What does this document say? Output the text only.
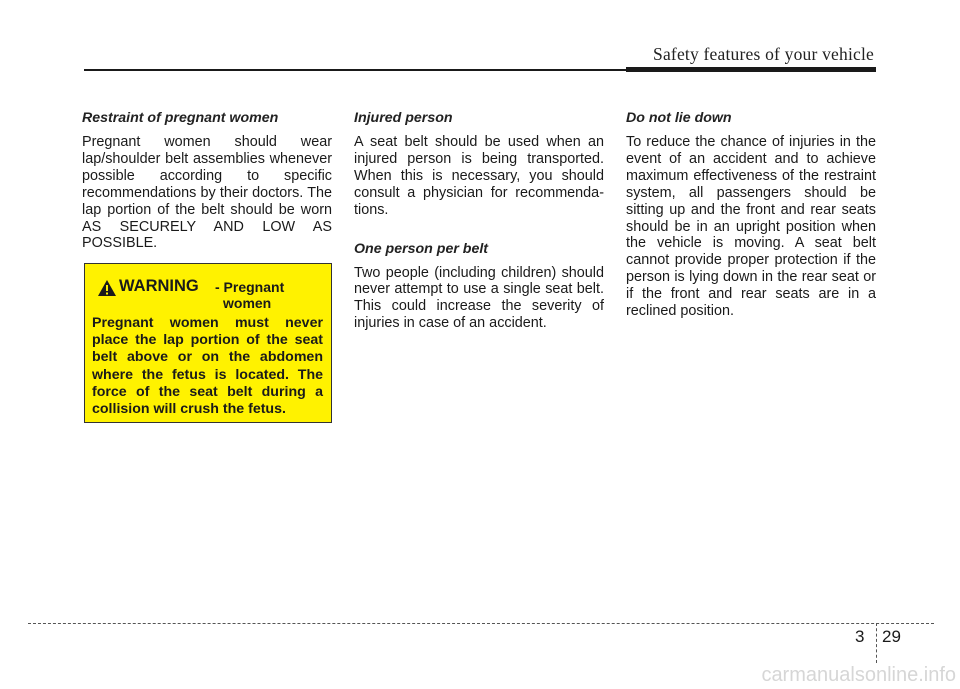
Safety features of your vehicle
Restraint of pregnant women

Pregnant women should wear lap/shoulder belt assemblies whenever possible according to specific recommendations by their doctors. The lap portion of the belt should be worn AS SECURELY AND LOW AS POSSIBLE.

WARNING - Pregnant
women

Pregnant women must never place the lap portion of the seat belt above or on the abdomen where the fetus is located. The force of the seat belt during a collision will crush the fetus.

Injured person

A seat belt should be used when an injured person is being transported. When this is necessary, you should consult a physician for recommendations.

One person per belt

Two people (including children) should never attempt to use a single seat belt. This could increase the severity of injuries in case of an accident.

Do not lie down

To reduce the chance of injuries in the event of an accident and to achieve maximum effectiveness of the restraint system, all passengers should be sitting up and the front and rear seats should be in an upright position when the vehicle is moving. A seat belt cannot provide proper protection if the person is lying down in the rear seat or if the front and rear seats are in a reclined position.

3 29
carmanualsonline.info
